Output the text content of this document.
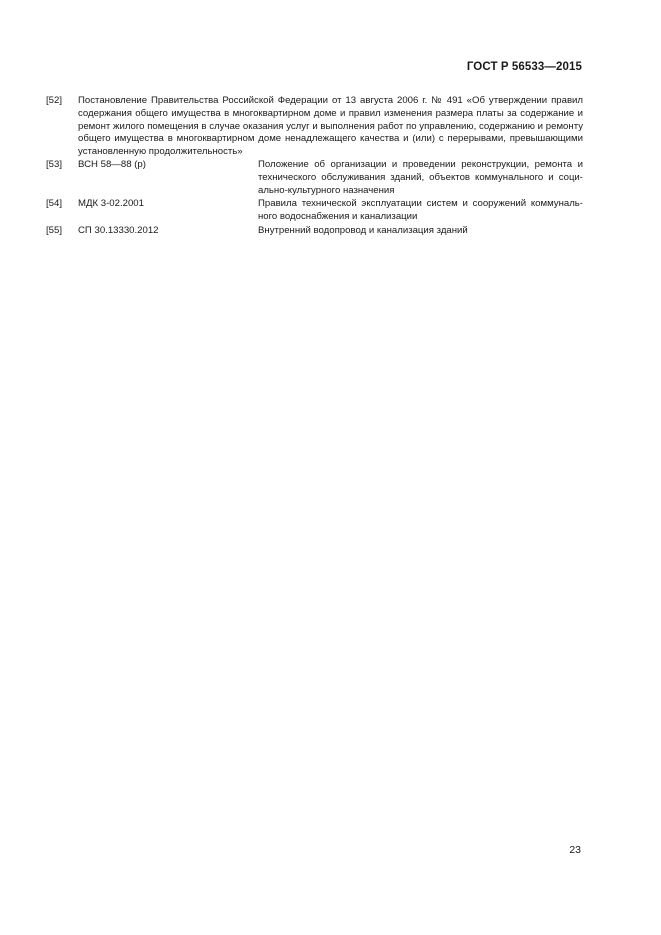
ГОСТ Р 56533—2015
[52] Постановление Правительства Российской Федерации от 13 августа 2006 г. № 491 «Об утверждении правил содержания общего имущества в многоквартирном доме и правил изменения размера платы за содержание и ремонт жилого помещения в случае оказания услуг и выполнения работ по управлению, содержанию и ремонту общего имущества в многоквартирном доме ненадлежащего качества и (или) с перерывами, превышающими установленную продолжительность»
[53] ВСН 58—88 (р)	Положение об организации и проведении реконструкции, ремонта и технического обслуживания зданий, объектов коммунального и социально-культурного назначения
[54] МДК 3-02.2001	Правила технической эксплуатации систем и сооружений коммунального водоснабжения и канализации
[55] СП 30.13330.2012	Внутренний водопровод и канализация зданий
23
